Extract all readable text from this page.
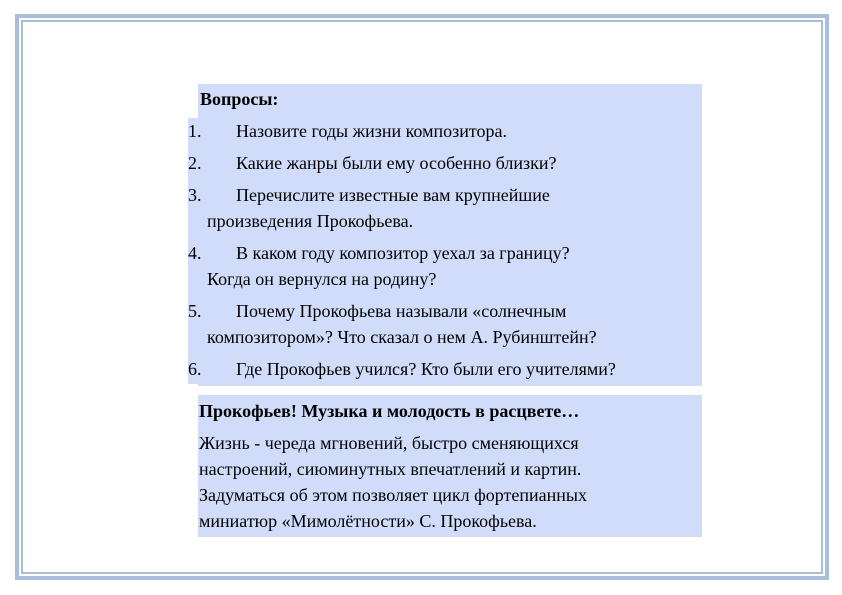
Вопросы:
1. Назовите годы жизни композитора.
2. Какие жанры были ему особенно близки?
3. Перечислите известные вам крупнейшие
произведения Прокофьева.
4. В каком году композитор уехал за границу?
Когда он вернулся на родину?
5. Почему Прокофьева называли «солнечным
композитором»? Что сказал о нем А. Рубинштейн?
6. Где Прокофьев учился? Кто были его учителями?
Прокофьев! Музыка и молодость в расцвете…
Жизнь - череда мгновений, быстро сменяющихся
настроений, сиюминутных впечатлений и картин.
Задуматься об этом позволяет цикл фортепианных
миниатюр «Мимолётности» С. Прокофьева.
